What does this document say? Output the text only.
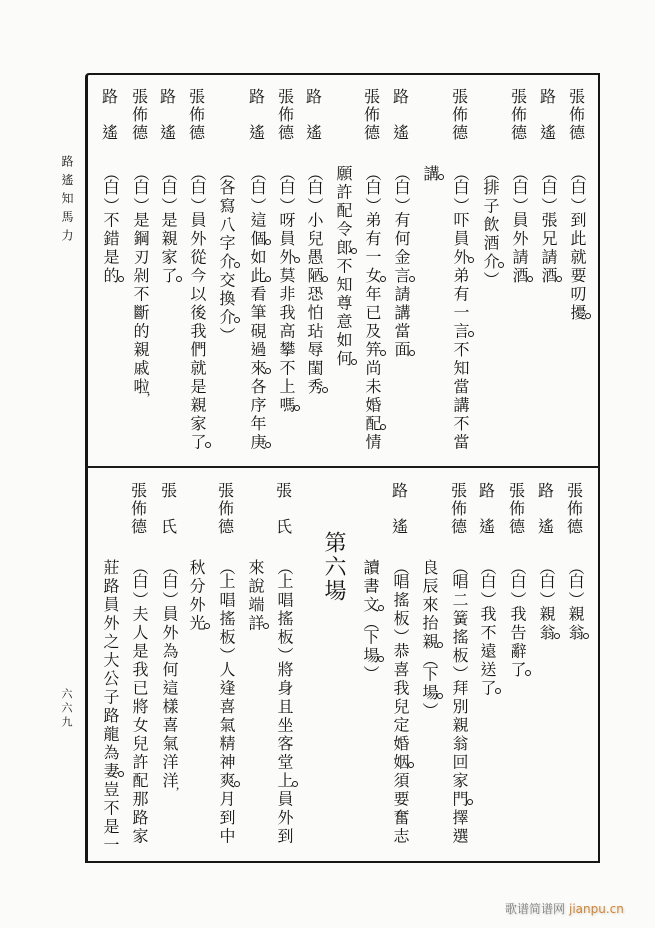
路遙知馬力
六六九
張
佈
德
（白）到此就要叨擾
路
遙
（白）張兄請酒
張
佈
德
（白）員外請酒
（排子飲酒介）
張
佈
德
（白）吓員外弟有一言不知當講不當
講
路
遙
（白）有何金言請講當面
張
佈
德
（白）弟有一女年已及笄尚未婚配情
願許配令郎不知尊意如何
路
遙
（白）小兒愚陋恐怕玷辱閨秀
張
佈
德
（白）呀員外莫非我高攀不上嗎
路
遙
（白）這個如此看筆硯過來各序年庚
（各寫八字介交換介）
張
佈
德
（白）員外從今以後我們就是親家了
路
遙
（白）是親家了
張
佈
德
（白）是鋼刃剁不斷的親戚啦
路
遙
（白）不錯是的
張
佈
德
（白）親翁
路
遙
（白）親翁
張
佈
德
（白）我告辭了
路
遙
（白）我不遠送了
張
佈
德
（唱二簧搖板）拜別親翁回家門擇選
良辰來抬親（下場）
路
遙
（唱搖板）恭喜我兒定婚姻須要奮志
讀書文（下場）
第六場
張
氏
（上唱搖板）將身且坐客堂上員外到
來說端詳
張
佈
德
（上唱搖板）人逢喜氣精神爽月到中
秋分外光
張
氏
（白）員外為何這樣喜氣洋洋
張
佈
德
（白）夫人是我已將女兒許配那路家
莊路員外之大公子路龍為妻豈不是一
歌谱简谱网 jianpu.cn
